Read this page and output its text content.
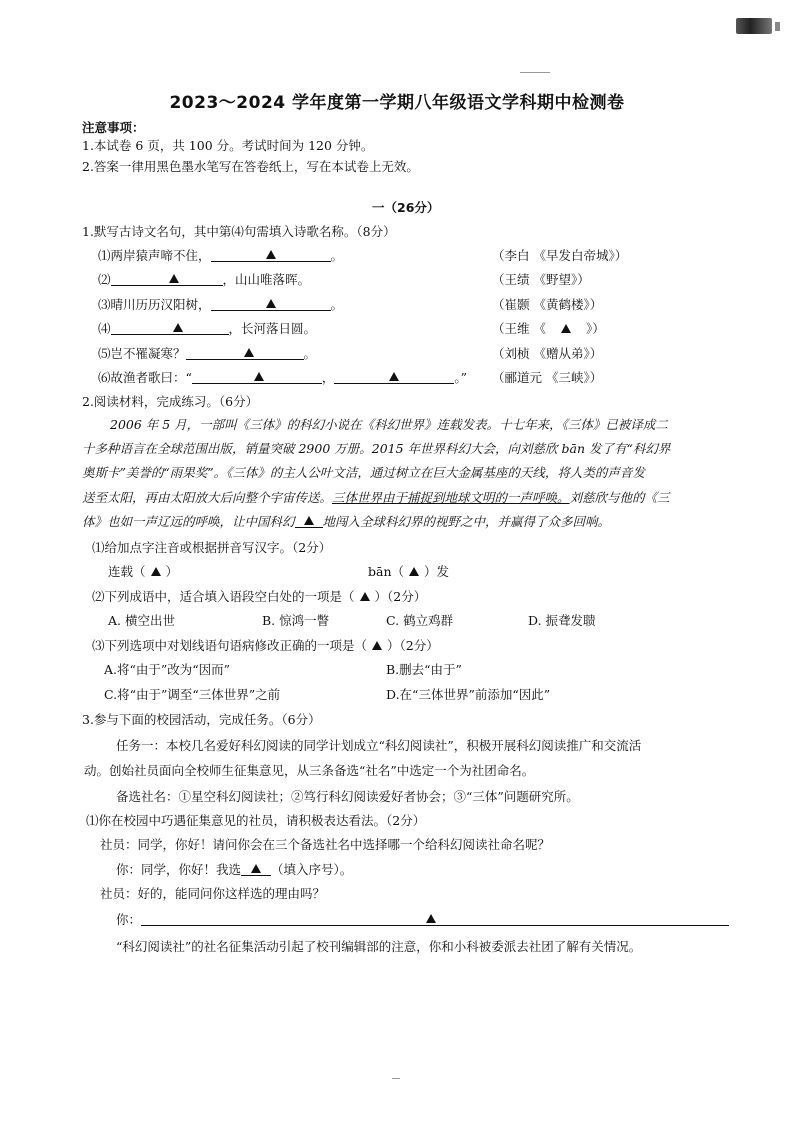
2023～2024 学年度第一学期八年级语文学科期中检测卷
注意事项：
1.本试卷 6 页，共 100 分。考试时间为 120 分钟。
2.答案一律用黑色墨水笔写在答卷纸上，写在本试卷上无效。
一（26分）
1.默写古诗文名句，其中第⑷句需填入诗歌名称。（8分）
⑴两岸猿声啼不住，	。	（李白 《早发白帝城》）
⑵	，山山唯落晖。	（王绩 《野望》）
⑶晴川历历汉阳树，	。	（崔颢 《黄鹤楼》）
⑷	，长河落日圆。	（王维 《	》）
⑸岂不罹凝寒？	。	（刘桢 《赠从弟》）
⑹故渔者歌曰：“	，	。” （郦道元 《三峡》）
2.阅读材料，完成练习。（6分）
2006 年 5 月，一部叫《三体》的科幻小说在《科幻世界》连载发表。十七年来，《三体》已被译成二
十多种语言在全球范围出版，销量突破 2900 万册。2015 年世界科幻大会，向刘慈欣 bān 发了有“科幻界
奥斯卡”美誉的“雨果奖”。《三体》的主人公叶文洁，通过树立在巨大金属基座的天线，将人类的声音发
送至太阳，再由太阳放大后向整个宇宙传送。三体世界由于捕捉到地球文明的一声呼唤。刘慈欣与他的《三
体》也如一声辽远的呼唤，让中国科幻 地闯入全球科幻界的视野之中，并赢得了众多回响。
⑴给加点字注音或根据拼音写汉字。（2分）
连载（ ）	bān（ ）发
⑵下列成语中，适合填入语段空白处的一项是（ ）（2分）
A. 横空出世	B. 惊鸿一瞥	C. 鹤立鸡群	D. 振聋发聩
⑶下列选项中对划线语句语病修改正确的一项是（ ）（2分）
A.将“由于”改为“因而”	B.删去“由于”
C.将“由于”调至“三体世界”之前	D.在“三体世界”前添加“因此”
3.参与下面的校园活动，完成任务。（6分）
任务一：本校几名爱好科幻阅读的同学计划成立“科幻阅读社”，积极开展科幻阅读推广和交流活
动。创始社员面向全校师生征集意见，从三条备选“社名”中选定一个为社团命名。
备选社名：①星空科幻阅读社；②笃行科幻阅读爱好者协会；③“三体”问题研究所。
⑴你在校园中巧遇征集意见的社员，请积极表达看法。（2分）
社员：同学，你好！请问你会在三个备选社名中选择哪一个给科幻阅读社命名呢？
你：同学，你好！我选 （填入序号）。
社员：好的，能同问你这样选的理由吗？
你：
“科幻阅读社”的社名征集活动引起了校刊编辑部的注意，你和小科被委派去社团了解有关情况。
